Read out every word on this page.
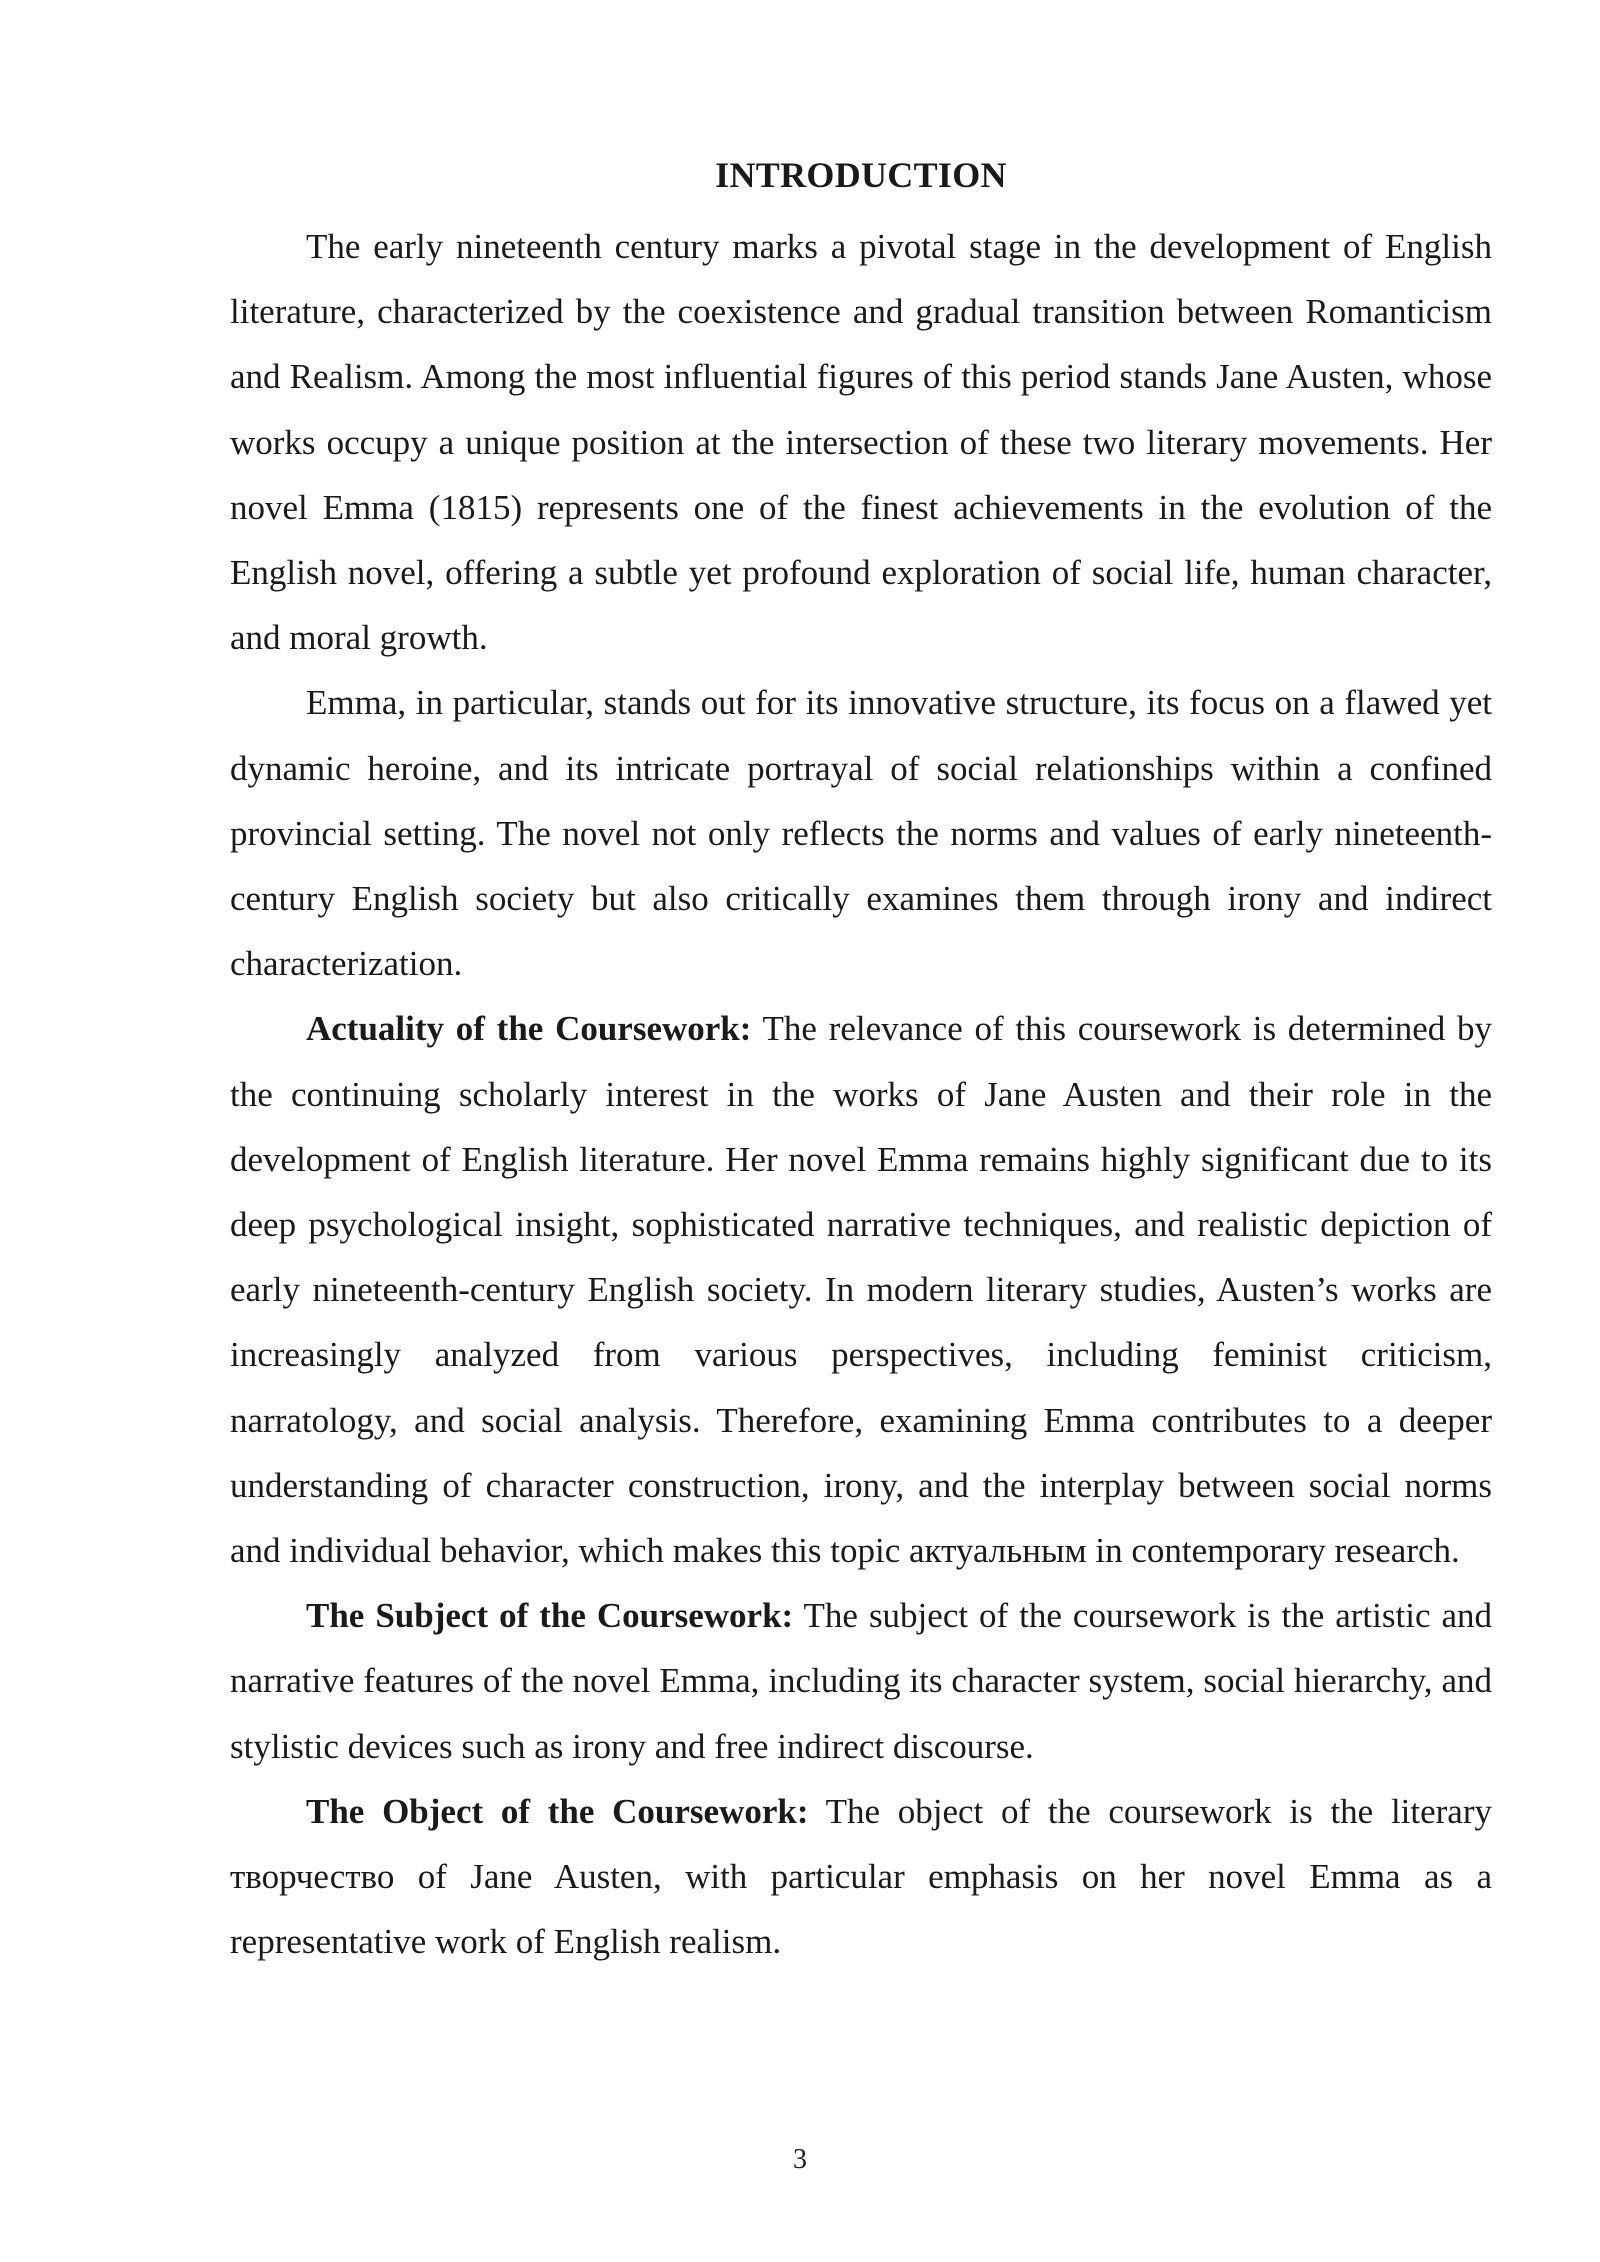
INTRODUCTION

The early nineteenth century marks a pivotal stage in the development of English literature, characterized by the coexistence and gradual transition between Romanticism and Realism. Among the most influential figures of this period stands Jane Austen, whose works occupy a unique position at the intersection of these two literary movements. Her novel Emma (1815) represents one of the finest achievements in the evolution of the English novel, offering a subtle yet profound exploration of social life, human character, and moral growth.

Emma, in particular, stands out for its innovative structure, its focus on a flawed yet dynamic heroine, and its intricate portrayal of social relationships within a confined provincial setting. The novel not only reflects the norms and values of early nineteenth-century English society but also critically examines them through irony and indirect characterization.

Actuality of the Coursework: The relevance of this coursework is determined by the continuing scholarly interest in the works of Jane Austen and their role in the development of English literature. Her novel Emma remains highly significant due to its deep psychological insight, sophisticated narrative techniques, and realistic depiction of early nineteenth-century English society. In modern literary studies, Austen’s works are increasingly analyzed from various perspectives, including feminist criticism, narratology, and social analysis. Therefore, examining Emma contributes to a deeper understanding of character construction, irony, and the interplay between social norms and individual behavior, which makes this topic актуальным in contemporary research.

The Subject of the Coursework: The subject of the coursework is the artistic and narrative features of the novel Emma, including its character system, social hierarchy, and stylistic devices such as irony and free indirect discourse.

The Object of the Coursework: The object of the coursework is the literary творчество of Jane Austen, with particular emphasis on her novel Emma as a representative work of English realism.

3
